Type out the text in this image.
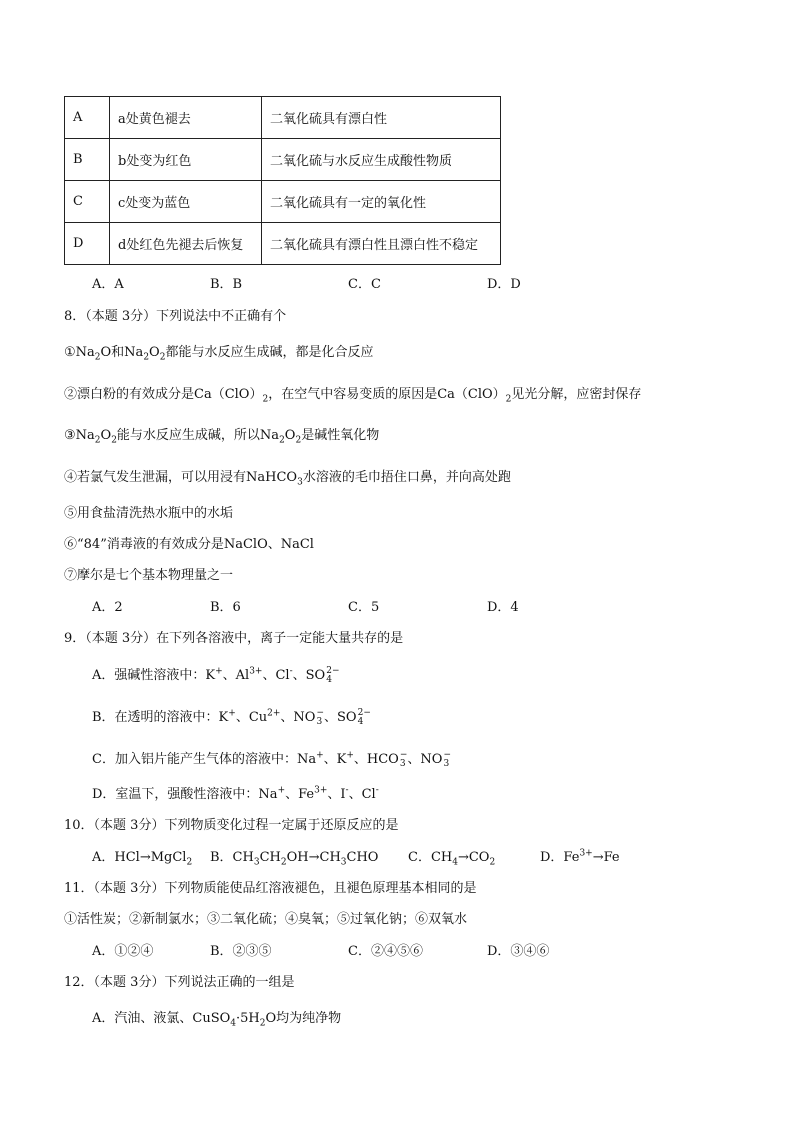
A	a处黄色褪去	二氧化硫具有漂白性
B	b处变为红色	二氧化硫与水反应生成酸性物质
C	c处变为蓝色	二氧化硫具有一定的氧化性
D	d处红色先褪去后恢复	二氧化硫具有漂白性且漂白性不稳定
A．A	B．B	C．C	D．D
8．（本题 3分）下列说法中不正确有个
$①Na_2O$和$Na_2O_2$都能与水反应生成碱，都是化合反应
②漂白粉的有效成分是$Ca(ClO)_2$，在空气中容易变质的原因是$Ca(ClO)_2$见光分解，应密封保存
$③Na_2O_2$能与水反应生成碱，所以$Na_2O_2$是碱性氧化物
④若氯气发生泄漏，可以用浸有NaHCO$_3$水溶液的毛巾捂住口鼻，并向高处跑
⑤用食盐清洗热水瓶中的水垢
⑥“84”消毒液的有效成分是NaClO、NaCl
⑦摩尔是七个基本物理量之一
A．2	B．6	C．5	D．4
9．（本题 3分）在下列各溶液中，离子一定能大量共存的是
A．强碱性溶液中：K+、$Al^{3+}$、Cl-、SO 2−
4
B．在透明的溶液中：K+、$Cu^{2+}$、NO −
3 、SO 2−
4
C．加入铝片能产生气体的溶液中：Na+、K+、HCO −
3 、NO −
3
D．室温下，强酸性溶液中：Na+、$Fe^{3+}$、I-、Cl-
10．（本题 3分）下列物质变化过程一定属于还原反应的是
A．HCl→MgCl$_2$ B．$CH_3CH_2OH\to CH_3CHO$ C．$CH_4\to CO_2$	D．$Fe^{3+}\to Fe$
11．（本题 3分）下列物质能使品红溶液褪色，且褪色原理基本相同的是
①活性炭；②新制氯水；③二氧化硫；④臭氧；⑤过氧化钠；⑥双氧水
A．①②④	B．②③⑤	C．②④⑤⑥	D．③④⑥
12．（本题 3分）下列说法正确的一组是
A．汽油、液氯、$CuSO_4\cdot 5H_2O$均为纯净物
